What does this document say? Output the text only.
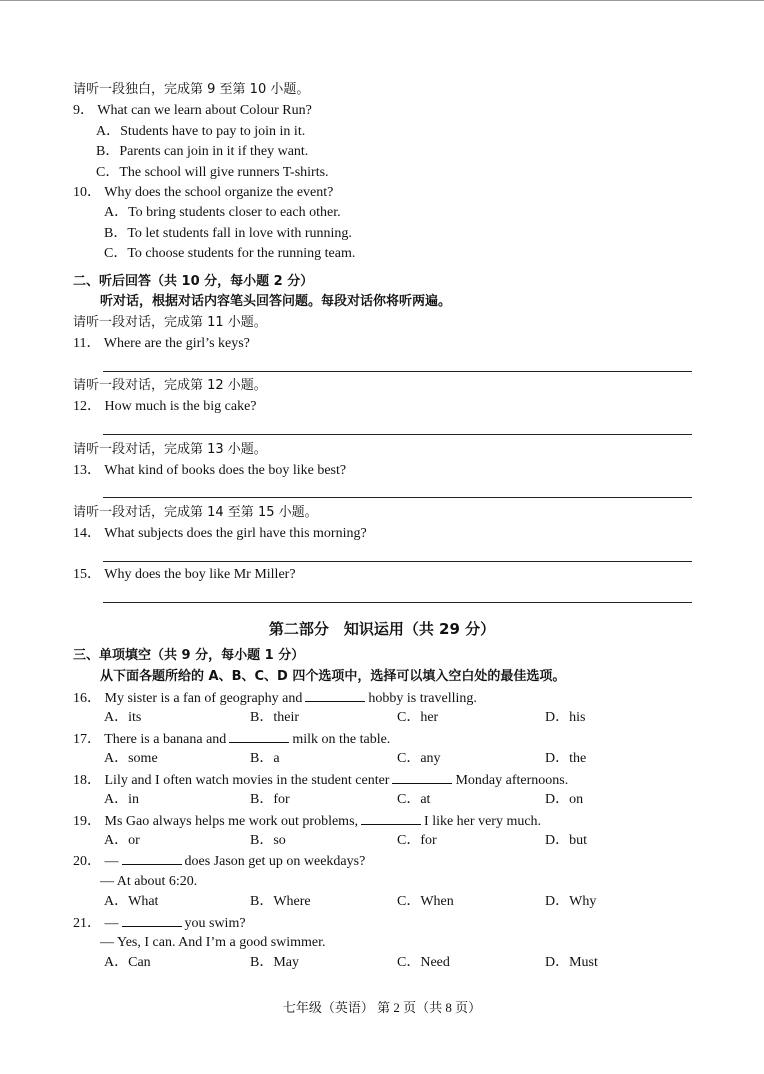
请听一段独白，完成第 9 至第 10 小题。
9． What can we learn about Colour Run?
A．Students have to pay to join in it.
B．Parents can join in it if they want.
C．The school will give runners T-shirts.
10． Why does the school organize the event?
A．To bring students closer to each other.
B．To let students fall in love with running.
C．To choose students for the running team.
二、听后回答（共 10 分，每小题 2 分）
听对话，根据对话内容笔头回答问题。每段对话你将听两遍。
请听一段对话，完成第 11 小题。
11． Where are the girl’s keys?
请听一段对话，完成第 12 小题。
12． How much is the big cake?
请听一段对话，完成第 13 小题。
13． What kind of books does the boy like best?
请听一段对话，完成第 14 至第 15 小题。
14． What subjects does the girl have this morning?
15． Why does the boy like Mr Miller?
第二部分　知识运用（共 29 分）
三、单项填空（共 9 分，每小题 1 分）
从下面各题所给的 A、B、C、D 四个选项中，选择可以填入空白处的最佳选项。
16． My sister is a fan of geography and	hobby is travelling.
A．its	B．their	C．her	D．his
17． There is a banana and	milk on the table.
A．some	B．a	C．any	D．the
18． Lily and I often watch movies in the student center	Monday afternoons.
A．in	B．for	C．at	D．on
19． Ms Gao always helps me work out problems,	I like her very much.
A．or	B．so	C．for	D．but
20． —	does Jason get up on weekdays?
— At about 6:20.
A．What	B．Where	C．When	D．Why
21． —	you swim?
— Yes, I can. And I’m a good swimmer.
A．Can	B．May	C．Need	D．Must
七年级（英语） 第 2 页（共 8 页）
